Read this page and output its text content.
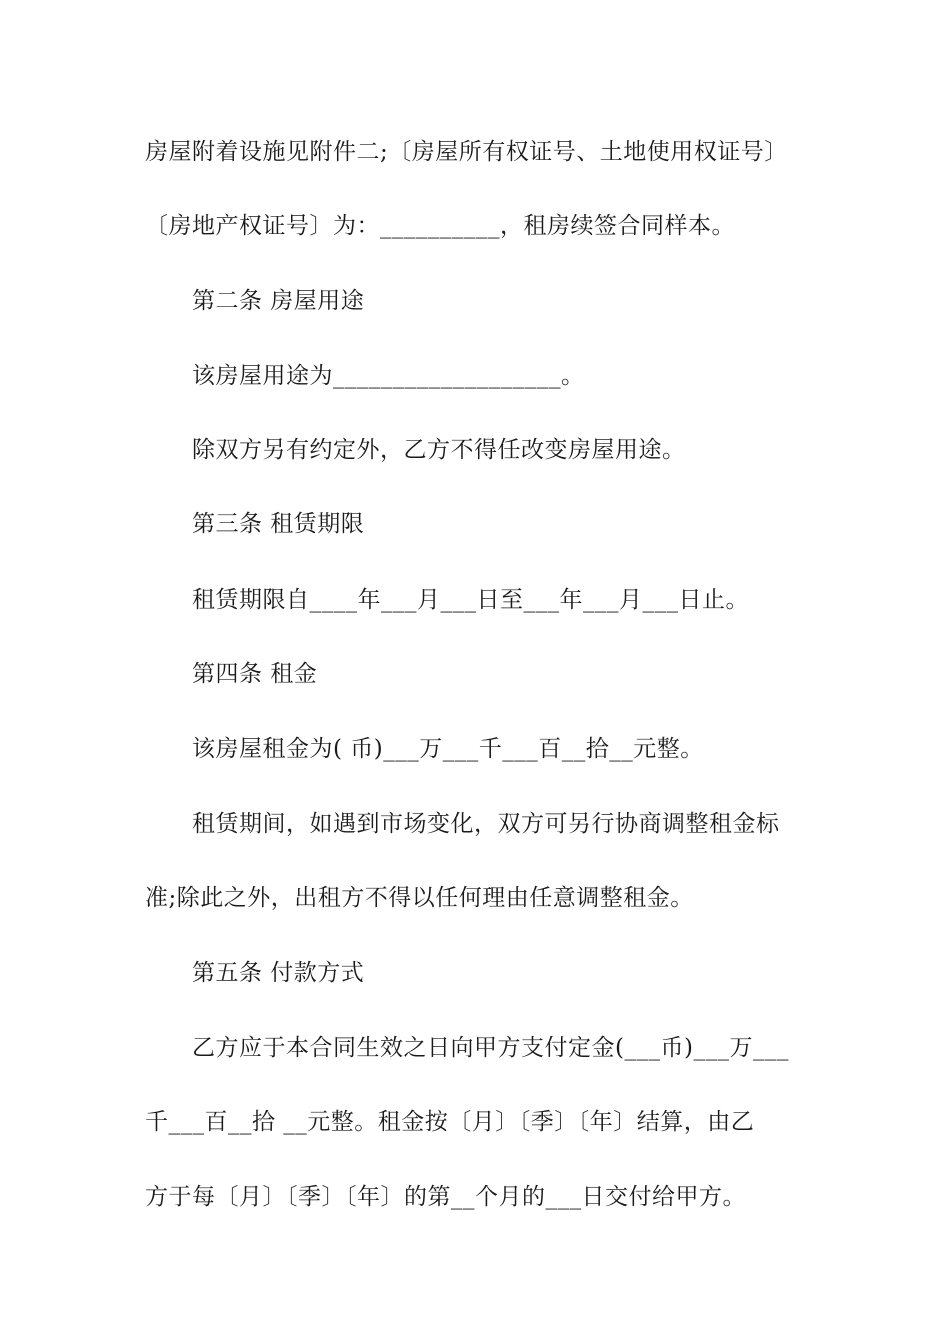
房屋附着设施见附件二;〔房屋所有权证号、土地使用权证号〕
〔房地产权证号〕为：__________，租房续签合同样本。
第二条 房屋用途
该房屋用途为___________________。
除双方另有约定外，乙方不得任改变房屋用途。
第三条 租赁期限
租赁期限自____年___月___日至___年___月___日止。
第四条 租金
该房屋租金为( 币)___万___千___百__拾__元整。
租赁期间，如遇到市场变化，双方可另行协商调整租金标
准;除此之外，出租方不得以任何理由任意调整租金。
第五条 付款方式
乙方应于本合同生效之日向甲方支付定金(___币)___万___
千___百__拾 __元整。租金按〔月〕〔季〕〔年〕结算，由乙
方于每〔月〕〔季〕〔年〕的第__个月的___日交付给甲方。
